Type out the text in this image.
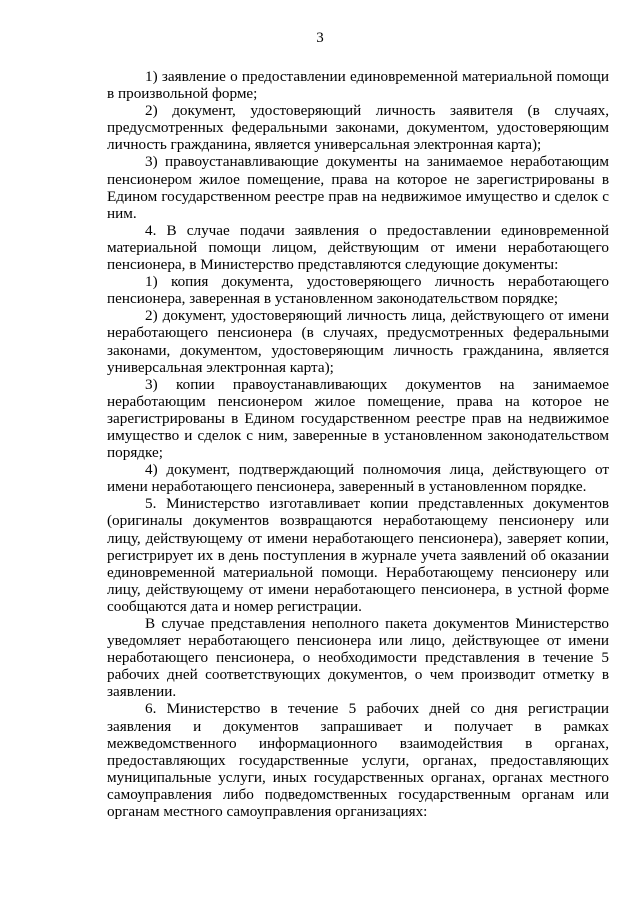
3

1) заявление о предоставлении единовременной материальной помощи в произвольной форме;

2) документ, удостоверяющий личность заявителя (в случаях, предусмотренных федеральными законами, документом, удостоверяющим личность гражданина, является универсальная электронная карта);

3) правоустанавливающие документы на занимаемое неработающим пенсионером жилое помещение, права на которое не зарегистрированы в Едином государственном реестре прав на недвижимое имущество и сделок с ним.

4. В случае подачи заявления о предоставлении единовременной материальной помощи лицом, действующим от имени неработающего пенсионера, в Министерство представляются следующие документы:

1) копия документа, удостоверяющего личность неработающего пенсионера, заверенная в установленном законодательством порядке;

2) документ, удостоверяющий личность лица, действующего от имени неработающего пенсионера (в случаях, предусмотренных федеральными законами, документом, удостоверяющим личность гражданина, является универсальная электронная карта);

3) копии правоустанавливающих документов на занимаемое неработающим пенсионером жилое помещение, права на которое не зарегистрированы в Едином государственном реестре прав на недвижимое имущество и сделок с ним, заверенные в установленном законодательством порядке;

4) документ, подтверждающий полномочия лица, действующего от имени неработающего пенсионера, заверенный в установленном порядке.

5. Министерство изготавливает копии представленных документов (оригиналы документов возвращаются неработающему пенсионеру или лицу, действующему от имени неработающего пенсионера), заверяет копии, регистрирует их в день поступления в журнале учета заявлений об оказании единовременной материальной помощи. Неработающему пенсионеру или лицу, действующему от имени неработающего пенсионера, в устной форме сообщаются дата и номер регистрации.

В случае представления неполного пакета документов Министерство уведомляет неработающего пенсионера или лицо, действующее от имени неработающего пенсионера, о необходимости представления в течение 5 рабочих дней соответствующих документов, о чем производит отметку в заявлении.

6. Министерство в течение 5 рабочих дней со дня регистрации заявления и документов запрашивает и получает в рамках межведомственного информационного взаимодействия в органах, предоставляющих государственные услуги, органах, предоставляющих муниципальные услуги, иных государственных органах, органах местного самоуправления либо подведомственных государственным органам или органам местного самоуправления организациях:
